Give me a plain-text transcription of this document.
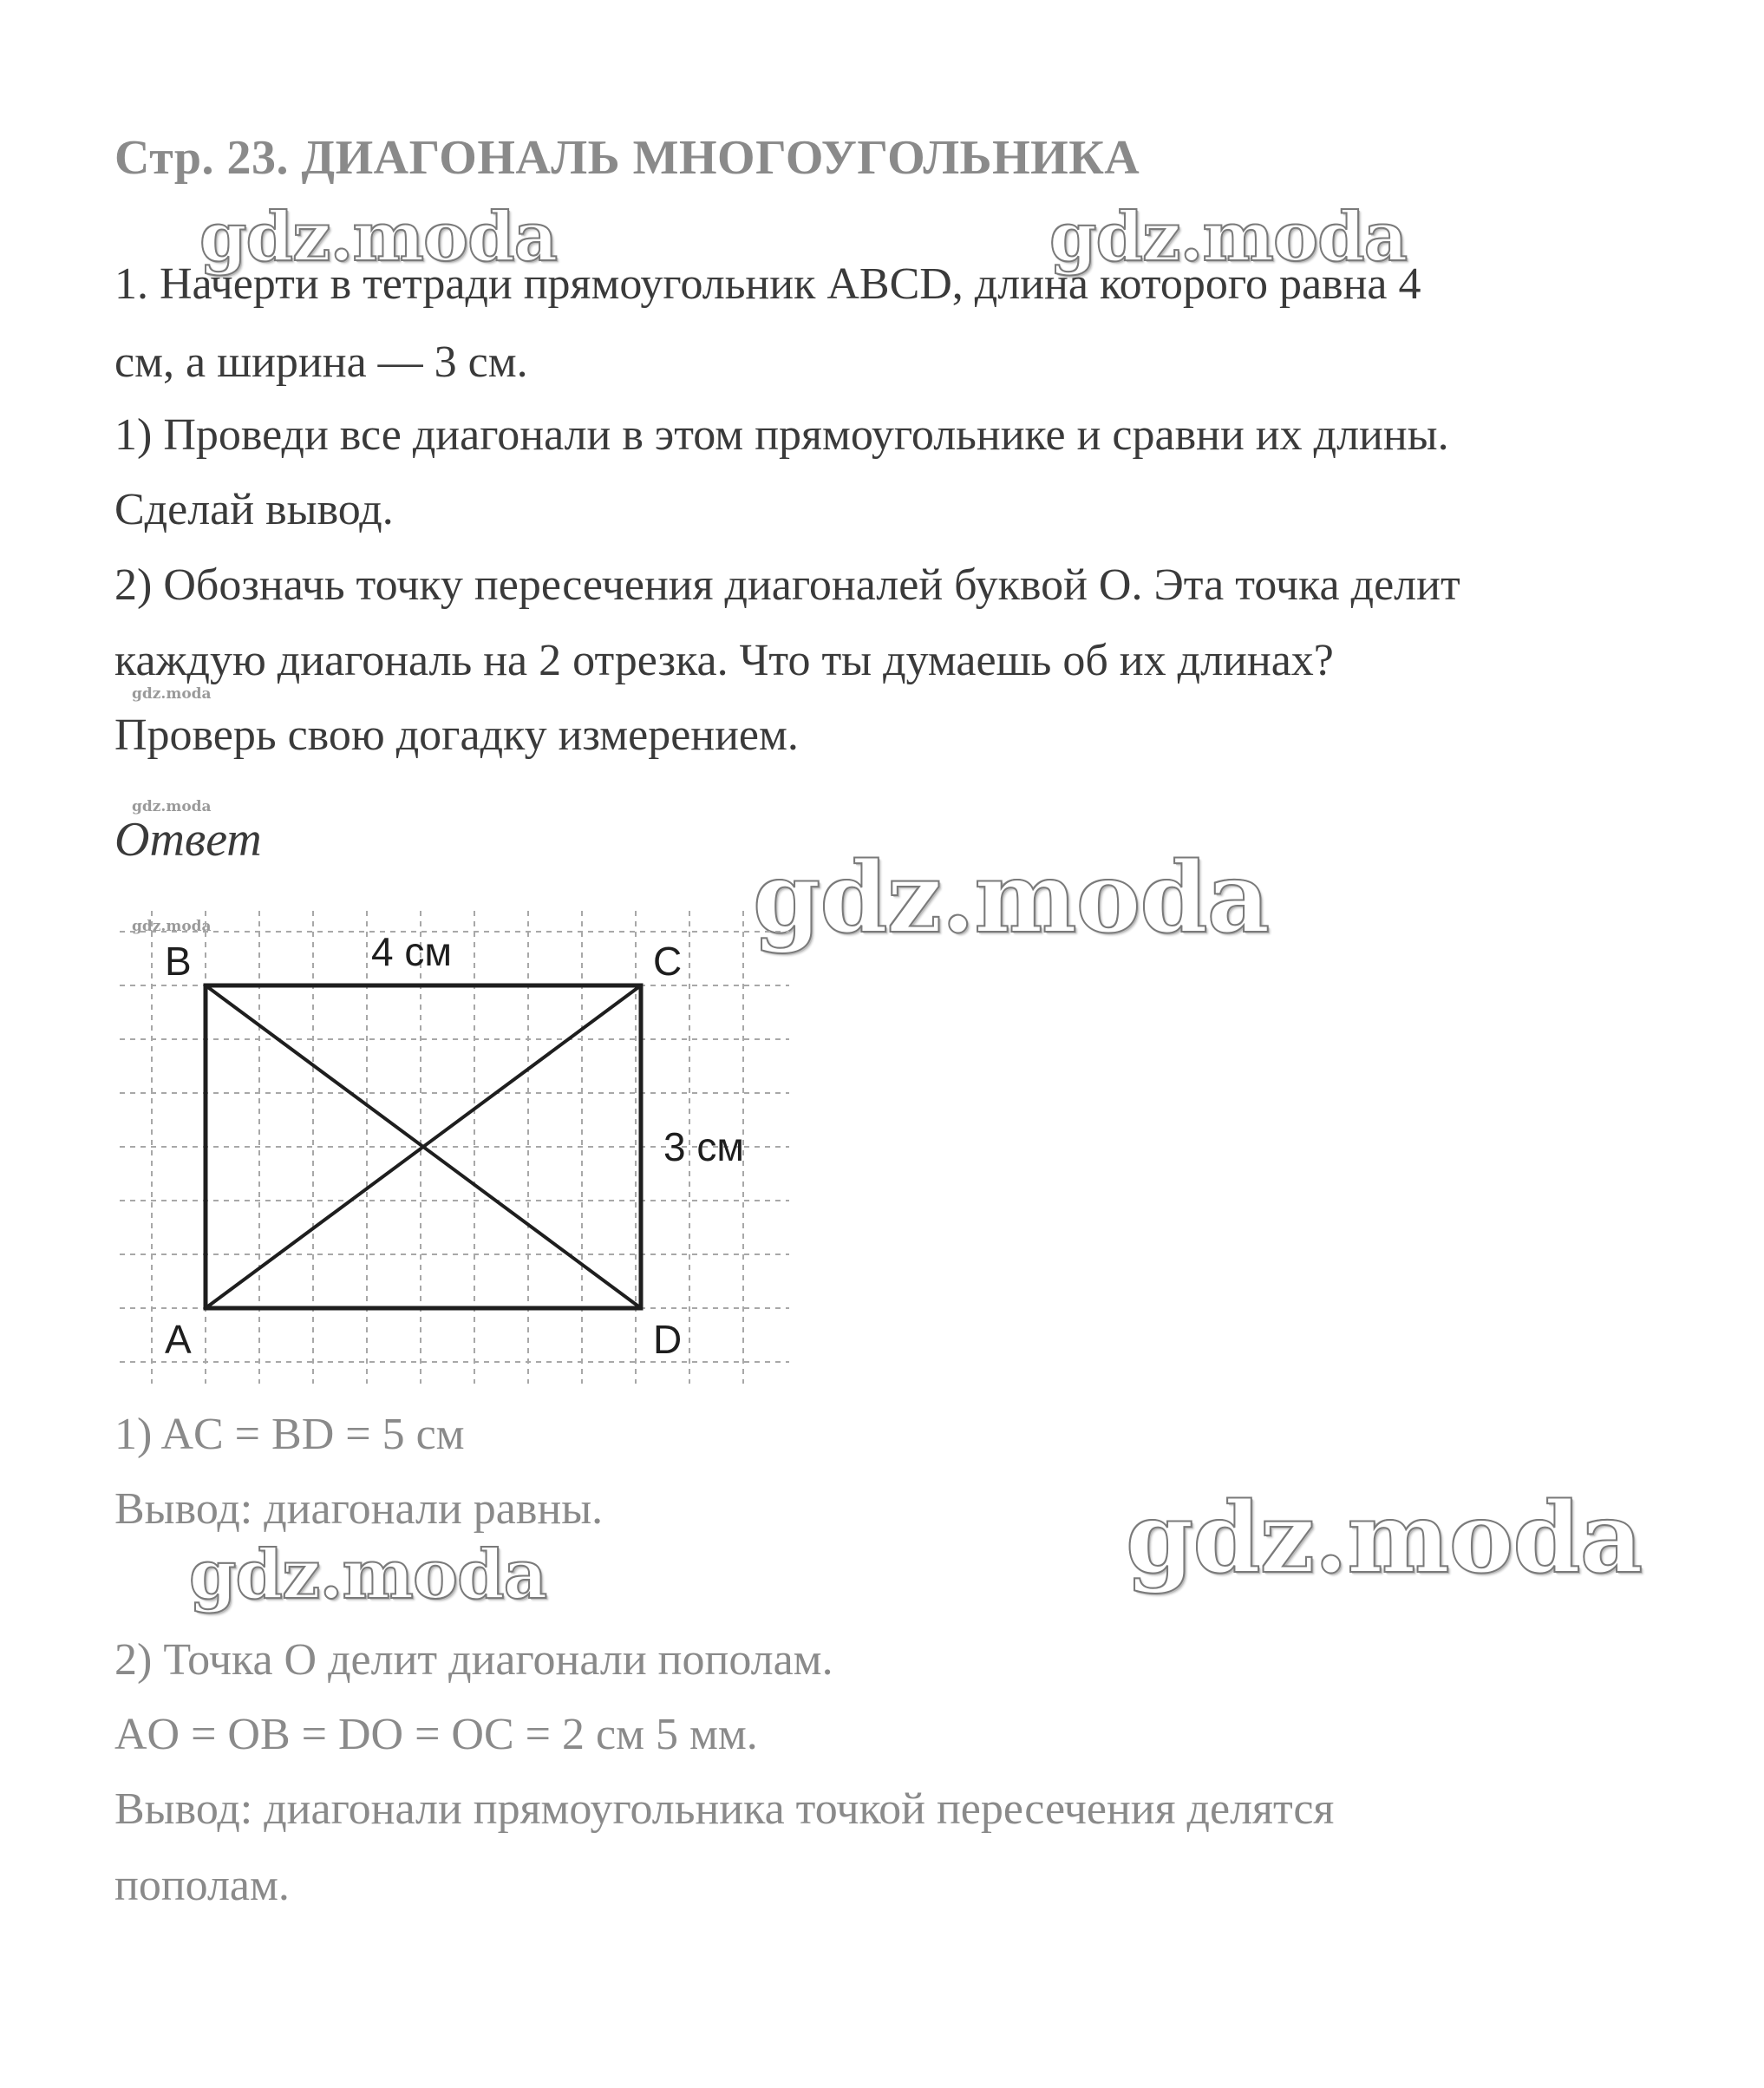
Стр. 23. ДИАГОНАЛЬ МНОГОУГОЛЬНИКА
gdz.moda	gdz.moda
gdz.moda
gdz.moda
gdz.moda
gdz.moda
gdz.moda
gdz.moda
1. Начерти в тетради прямоугольник ABCD, длина которого равна 4
см, а ширина — 3 см.
1) Проведи все диагонали в этом прямоугольнике и сравни их длины.
Сделай вывод.
2) Обозначь точку пересечения диагоналей буквой О. Эта точка делит
каждую диагональ на 2 отрезка. Что ты думаешь об их длинах?
Проверь свою догадку измерением.
Ответ
B	C
A	D
4 см
3 см
1) AC = BD = 5 см
Вывод: диагонали равны.
2) Точка О делит диагонали пополам.
AO = OB = DO = OC = 2 см 5 мм.
Вывод: диагонали прямоугольника точкой пересечения делятся
пополам.
